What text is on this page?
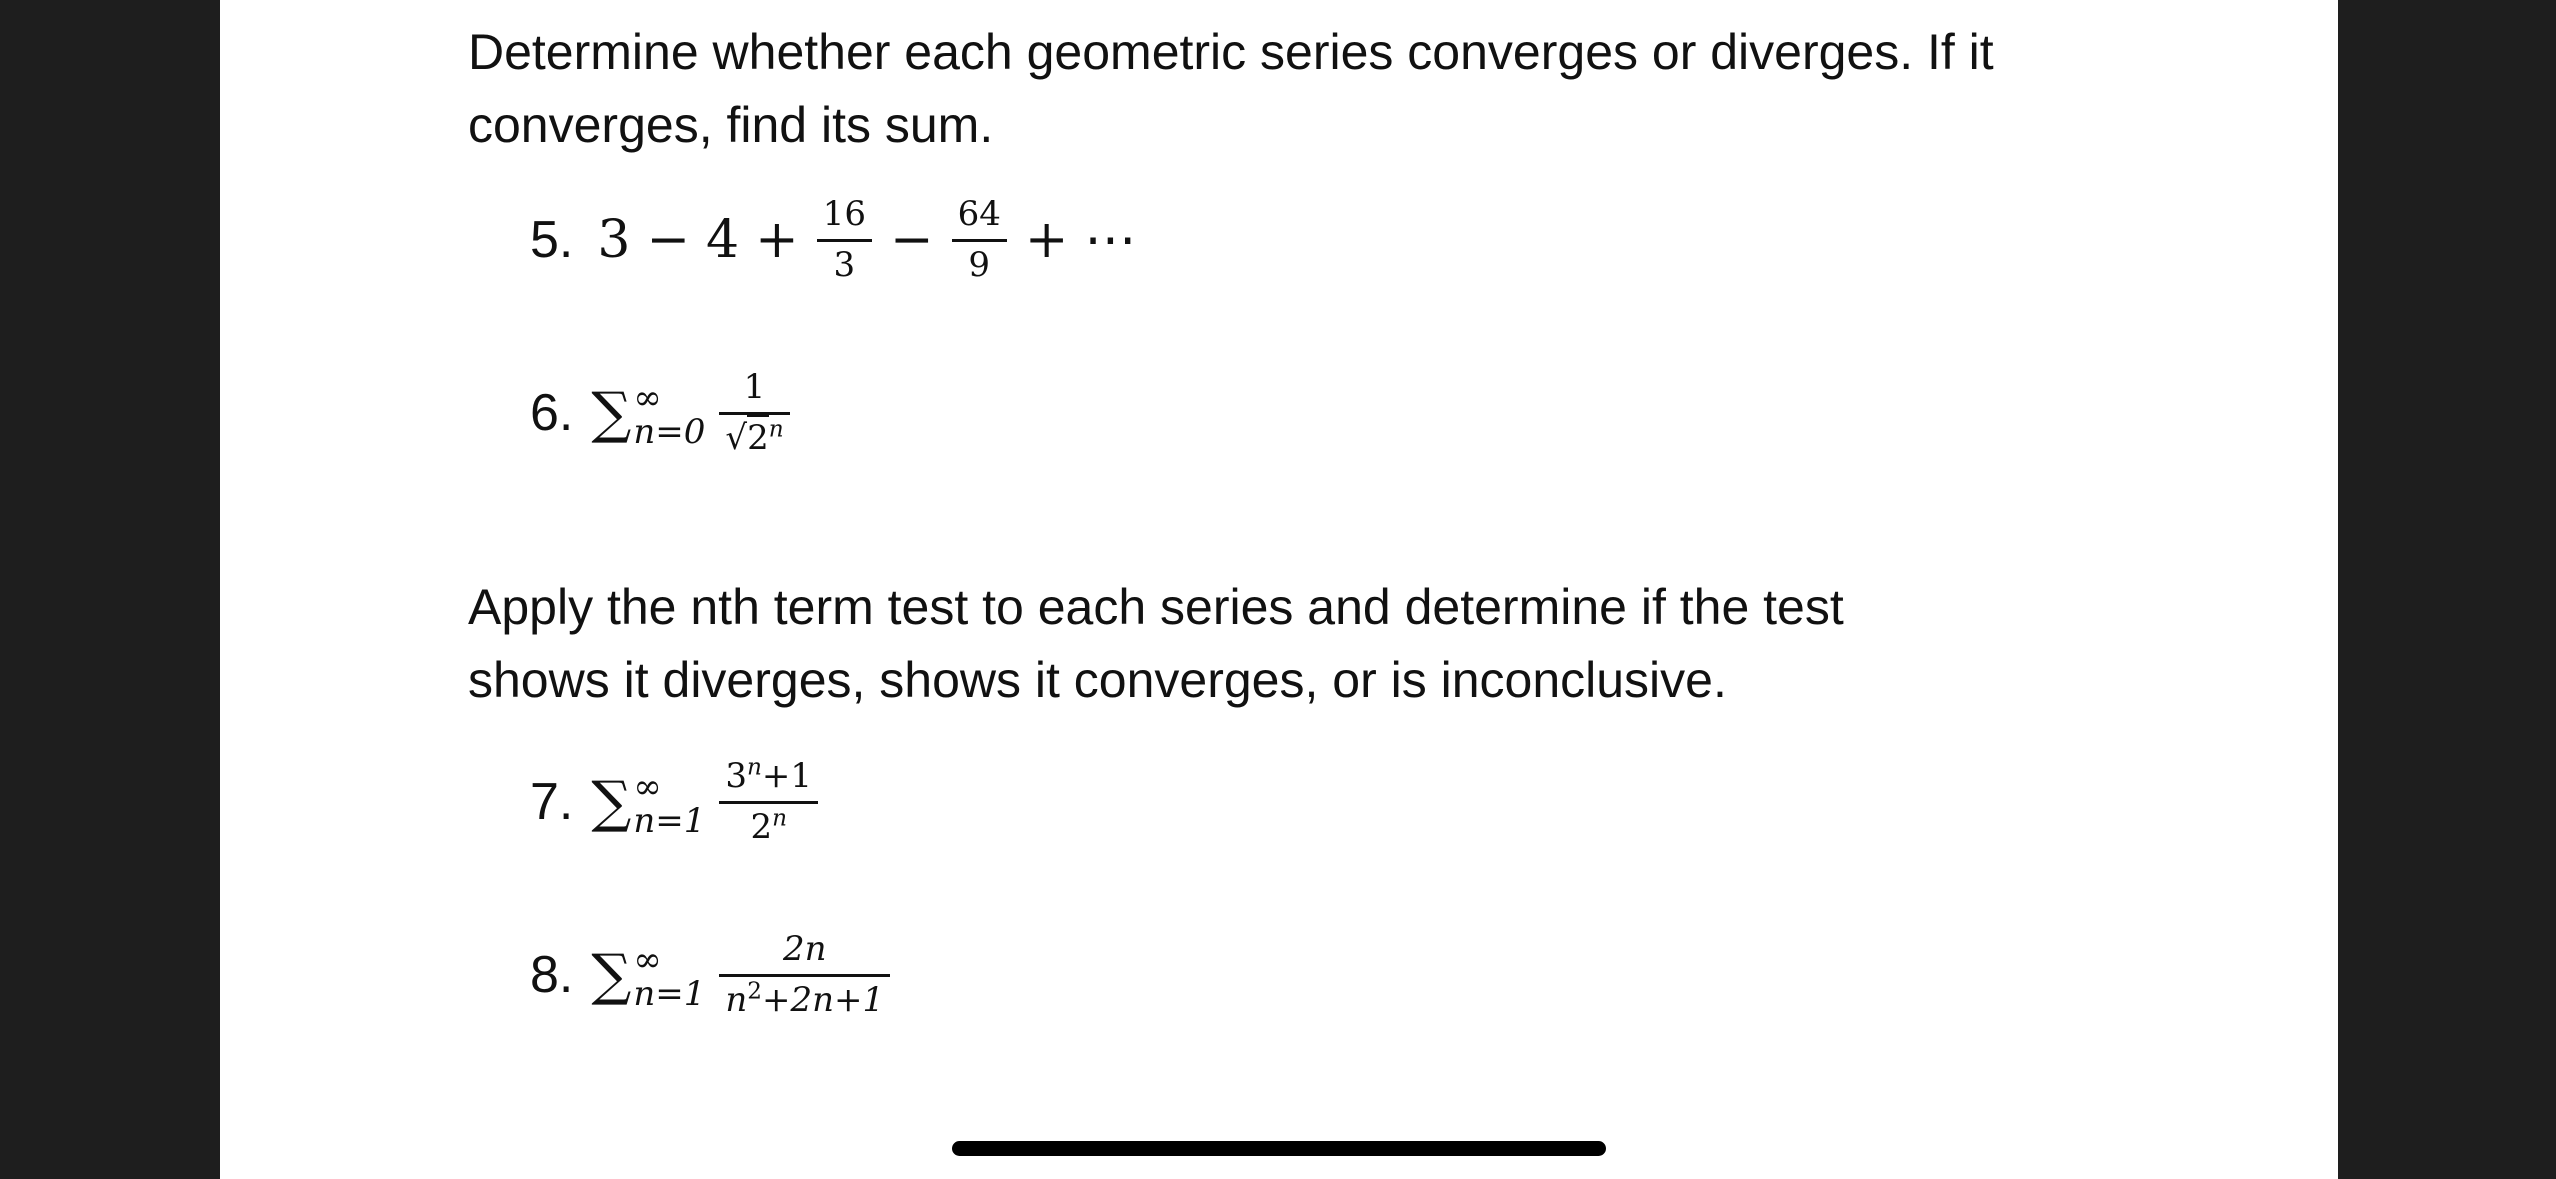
Determine whether each geometric series converges or diverges. If it
converges, find its sum.

5. $3 - 4 + \frac{16}{3} - \frac{64}{9}$ + ⋯
6. ∑ ∞
$n=0 \frac{1}{√2^n}$

Apply the nth term test to each series and determine if the test
shows it diverges, shows it converges, or is inconclusive.

7. ∑ ∞
$n=1 \frac{3^n+1}{2^n}$
8. ∑ ∞
$n=1 \frac{2n}{n^2+2n+1}$
